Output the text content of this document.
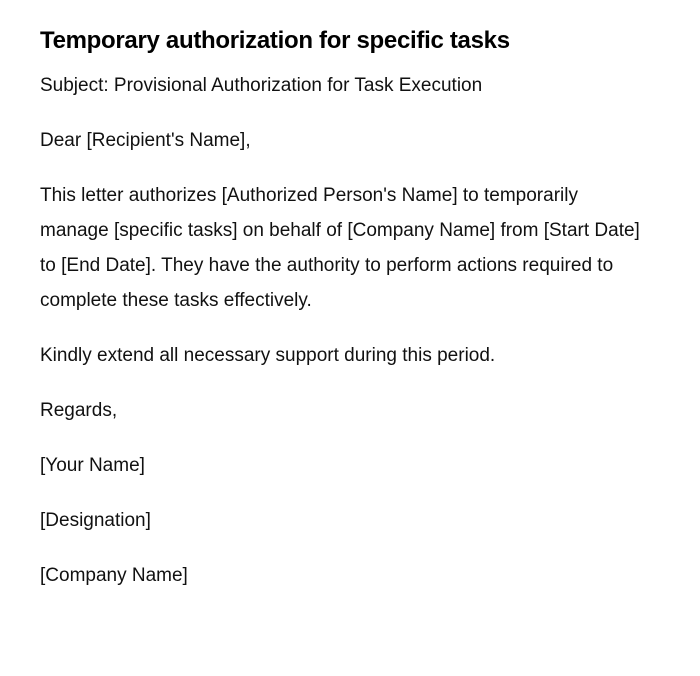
Temporary authorization for specific tasks

Subject: Provisional Authorization for Task Execution

Dear [Recipient's Name],

This letter authorizes [Authorized Person's Name] to temporarily manage [specific tasks] on behalf of [Company Name] from [Start Date] to [End Date]. They have the authority to perform actions required to complete these tasks effectively.

Kindly extend all necessary support during this period.

Regards,

[Your Name]

[Designation]

[Company Name]
